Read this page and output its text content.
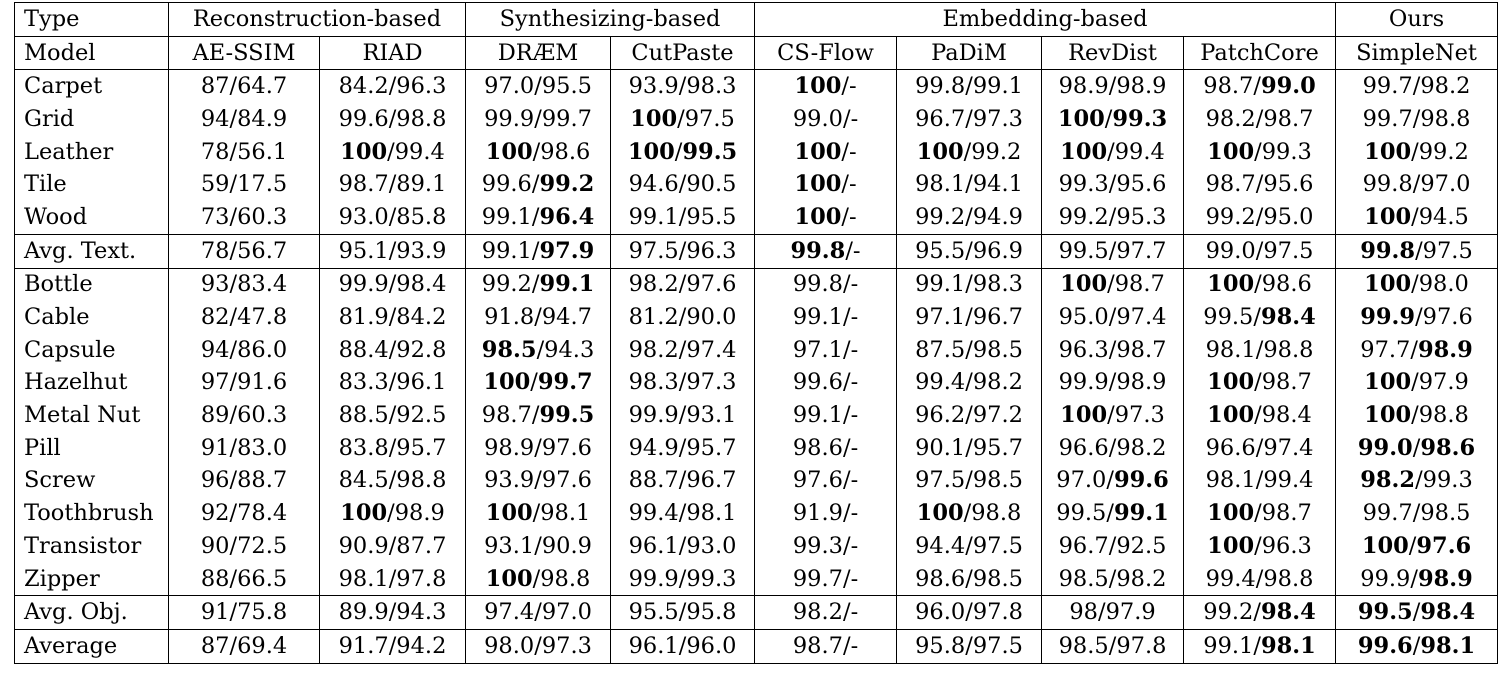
Type	Reconstruction-based		Synthesizing-based		Embedding-based				Ours
Model	AE-SSIM	RIAD	DRÆM	CutPaste	CS-Flow	PaDiM	RevDist	PatchCore	SimpleNet
Carpet	87/64.7	84.2/96.3	97.0/95.5	93.9/98.3	100/-	99.8/99.1	98.9/98.9	98.7/99.0	99.7/98.2
Grid	94/84.9	99.6/98.8	99.9/99.7	100/97.5	99.0/-	96.7/97.3	100/99.3	98.2/98.7	99.7/98.8
Leather	78/56.1	100/99.4	100/98.6	100/99.5	100/-	100/99.2	100/99.4	100/99.3	100/99.2
Tile	59/17.5	98.7/89.1	99.6/99.2	94.6/90.5	100/-	98.1/94.1	99.3/95.6	98.7/95.6	99.8/97.0
Wood	73/60.3	93.0/85.8	99.1/96.4	99.1/95.5	100/-	99.2/94.9	99.2/95.3	99.2/95.0	100/94.5
Avg. Text.	78/56.7	95.1/93.9	99.1/97.9	97.5/96.3	99.8/-	95.5/96.9	99.5/97.7	99.0/97.5	99.8/97.5
Bottle	93/83.4	99.9/98.4	99.2/99.1	98.2/97.6	99.8/-	99.1/98.3	100/98.7	100/98.6	100/98.0
Cable	82/47.8	81.9/84.2	91.8/94.7	81.2/90.0	99.1/-	97.1/96.7	95.0/97.4	99.5/98.4	99.9/97.6
Capsule	94/86.0	88.4/92.8	98.5/94.3	98.2/97.4	97.1/-	87.5/98.5	96.3/98.7	98.1/98.8	97.7/98.9
Hazelhut	97/91.6	83.3/96.1	100/99.7	98.3/97.3	99.6/-	99.4/98.2	99.9/98.9	100/98.7	100/97.9
Metal Nut	89/60.3	88.5/92.5	98.7/99.5	99.9/93.1	99.1/-	96.2/97.2	100/97.3	100/98.4	100/98.8
Pill	91/83.0	83.8/95.7	98.9/97.6	94.9/95.7	98.6/-	90.1/95.7	96.6/98.2	96.6/97.4	99.0/98.6
Screw	96/88.7	84.5/98.8	93.9/97.6	88.7/96.7	97.6/-	97.5/98.5	97.0/99.6	98.1/99.4	98.2/99.3
Toothbrush	92/78.4	100/98.9	100/98.1	99.4/98.1	91.9/-	100/98.8	99.5/99.1	100/98.7	99.7/98.5
Transistor	90/72.5	90.9/87.7	93.1/90.9	96.1/93.0	99.3/-	94.4/97.5	96.7/92.5	100/96.3	100/97.6
Zipper	88/66.5	98.1/97.8	100/98.8	99.9/99.3	99.7/-	98.6/98.5	98.5/98.2	99.4/98.8	99.9/98.9
Avg. Obj.	91/75.8	89.9/94.3	97.4/97.0	95.5/95.8	98.2/-	96.0/97.8	98/97.9	99.2/98.4	99.5/98.4
Average	87/69.4	91.7/94.2	98.0/97.3	96.1/96.0	98.7/-	95.8/97.5	98.5/97.8	99.1/98.1	99.6/98.1
